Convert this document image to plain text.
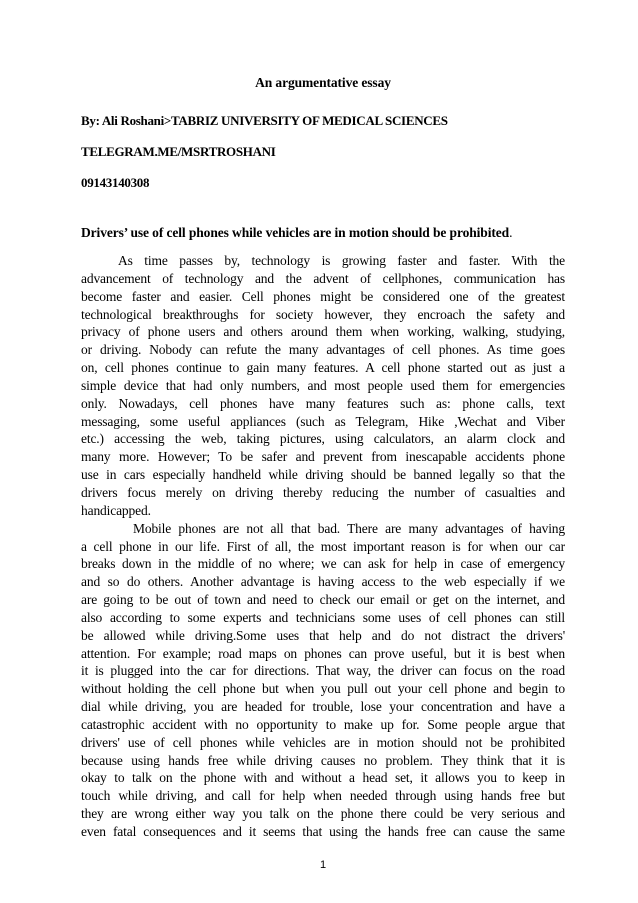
An argumentative essay
By: Ali Roshani>TABRIZ UNIVERSITY OF MEDICAL SCIENCES
TELEGRAM.ME/MSRTROSHANI
09143140308
Drivers’ use of cell phones while vehicles are in motion should be prohibited.
As time passes by, technology is growing faster and faster. With the
advancement of technology and the advent of cellphones, communication has
become faster and easier. Cell phones might be considered one of the greatest
technological breakthroughs for society however, they encroach the safety and
privacy of phone users and others around them when working, walking, studying,
or driving. Nobody can refute the many advantages of cell phones. As time goes
on, cell phones continue to gain many features. A cell phone started out as just a
simple device that had only numbers, and most people used them for emergencies
only. Nowadays, cell phones have many features such as: phone calls, text
messaging, some useful appliances (such as Telegram, Hike ,Wechat and Viber
etc.) accessing the web, taking pictures, using calculators, an alarm clock and
many more. However; To be safer and prevent from inescapable accidents phone
use in cars especially handheld while driving should be banned legally so that the
drivers focus merely on driving thereby reducing the number of casualties and
handicapped.
Mobile phones are not all that bad. There are many advantages of having
a cell phone in our life. First of all, the most important reason is for when our car
breaks down in the middle of no where; we can ask for help in case of emergency
and so do others. Another advantage is having access to the web especially if we
are going to be out of town and need to check our email or get on the internet, and
also according to some experts and technicians some uses of cell phones can still
be allowed while driving.Some uses that help and do not distract the drivers'
attention. For example; road maps on phones can prove useful, but it is best when
it is plugged into the car for directions. That way, the driver can focus on the road
without holding the cell phone but when you pull out your cell phone and begin to
dial while driving, you are headed for trouble, lose your concentration and have a
catastrophic accident with no opportunity to make up for. Some people argue that
drivers' use of cell phones while vehicles are in motion should not be prohibited
because using hands free while driving causes no problem. They think that it is
okay to talk on the phone with and without a head set, it allows you to keep in
touch while driving, and call for help when needed through using hands free but
they are wrong either way you talk on the phone there could be very serious and
even fatal consequences and it seems that using the hands free can cause the same
1
